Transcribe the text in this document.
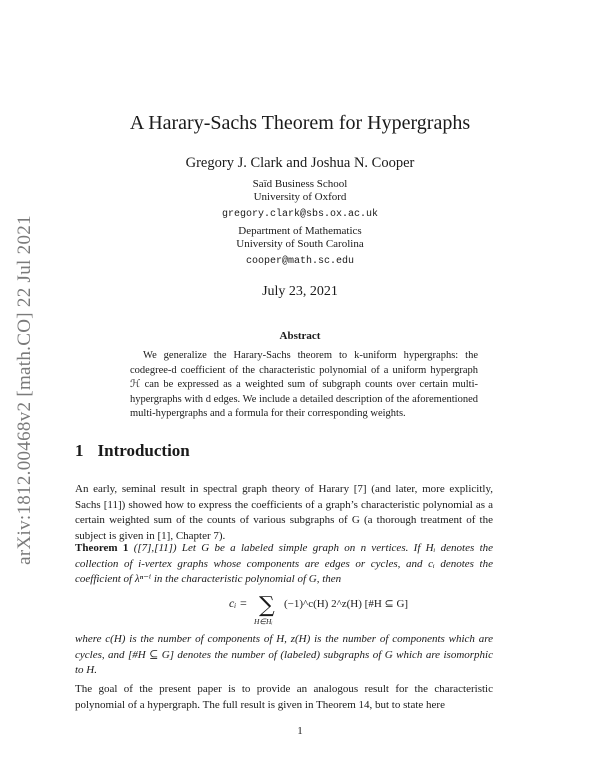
arXiv:1812.00468v2 [math.CO] 22 Jul 2021
A Harary-Sachs Theorem for Hypergraphs
Gregory J. Clark and Joshua N. Cooper
Saïd Business School
University of Oxford
gregory.clark@sbs.ox.ac.uk
Department of Mathematics
University of South Carolina
cooper@math.sc.edu
July 23, 2021
Abstract

We generalize the Harary-Sachs theorem to k-uniform hypergraphs: the codegree-d coefficient of the characteristic polynomial of a uniform hypergraph ℋ can be expressed as a weighted sum of subgraph counts over certain multi-hypergraphs with d edges. We include a detailed description of the aforementioned multi-hypergraphs and a formula for their corresponding weights.

1 Introduction

An early, seminal result in spectral graph theory of Harary [7] (and later, more explicitly, Sachs [11]) showed how to express the coefficients of a graph’s characteristic polynomial as a certain weighted sum of the counts of various subgraphs of G (a thorough treatment of the subject is given in [1], Chapter 7).

Theorem 1 ([7],[11]) Let G be a labeled simple graph on n vertices. If Hᵢ denotes the collection of i-vertex graphs whose components are edges or cycles, and cᵢ denotes the coefficient of λⁿ⁻ⁱ in the characteristic polynomial of G, then

cᵢ = ∑
H∈Hᵢ
(−1)^c(H) 2^z(H) [#H ⊆ G]

where c(H) is the number of components of H, z(H) is the number of components which are cycles, and [#H ⊆ G] denotes the number of (labeled) subgraphs of G which are isomorphic to H.

The goal of the present paper is to provide an analogous result for the characteristic polynomial of a hypergraph. The full result is given in Theorem 14, but to state here

1
